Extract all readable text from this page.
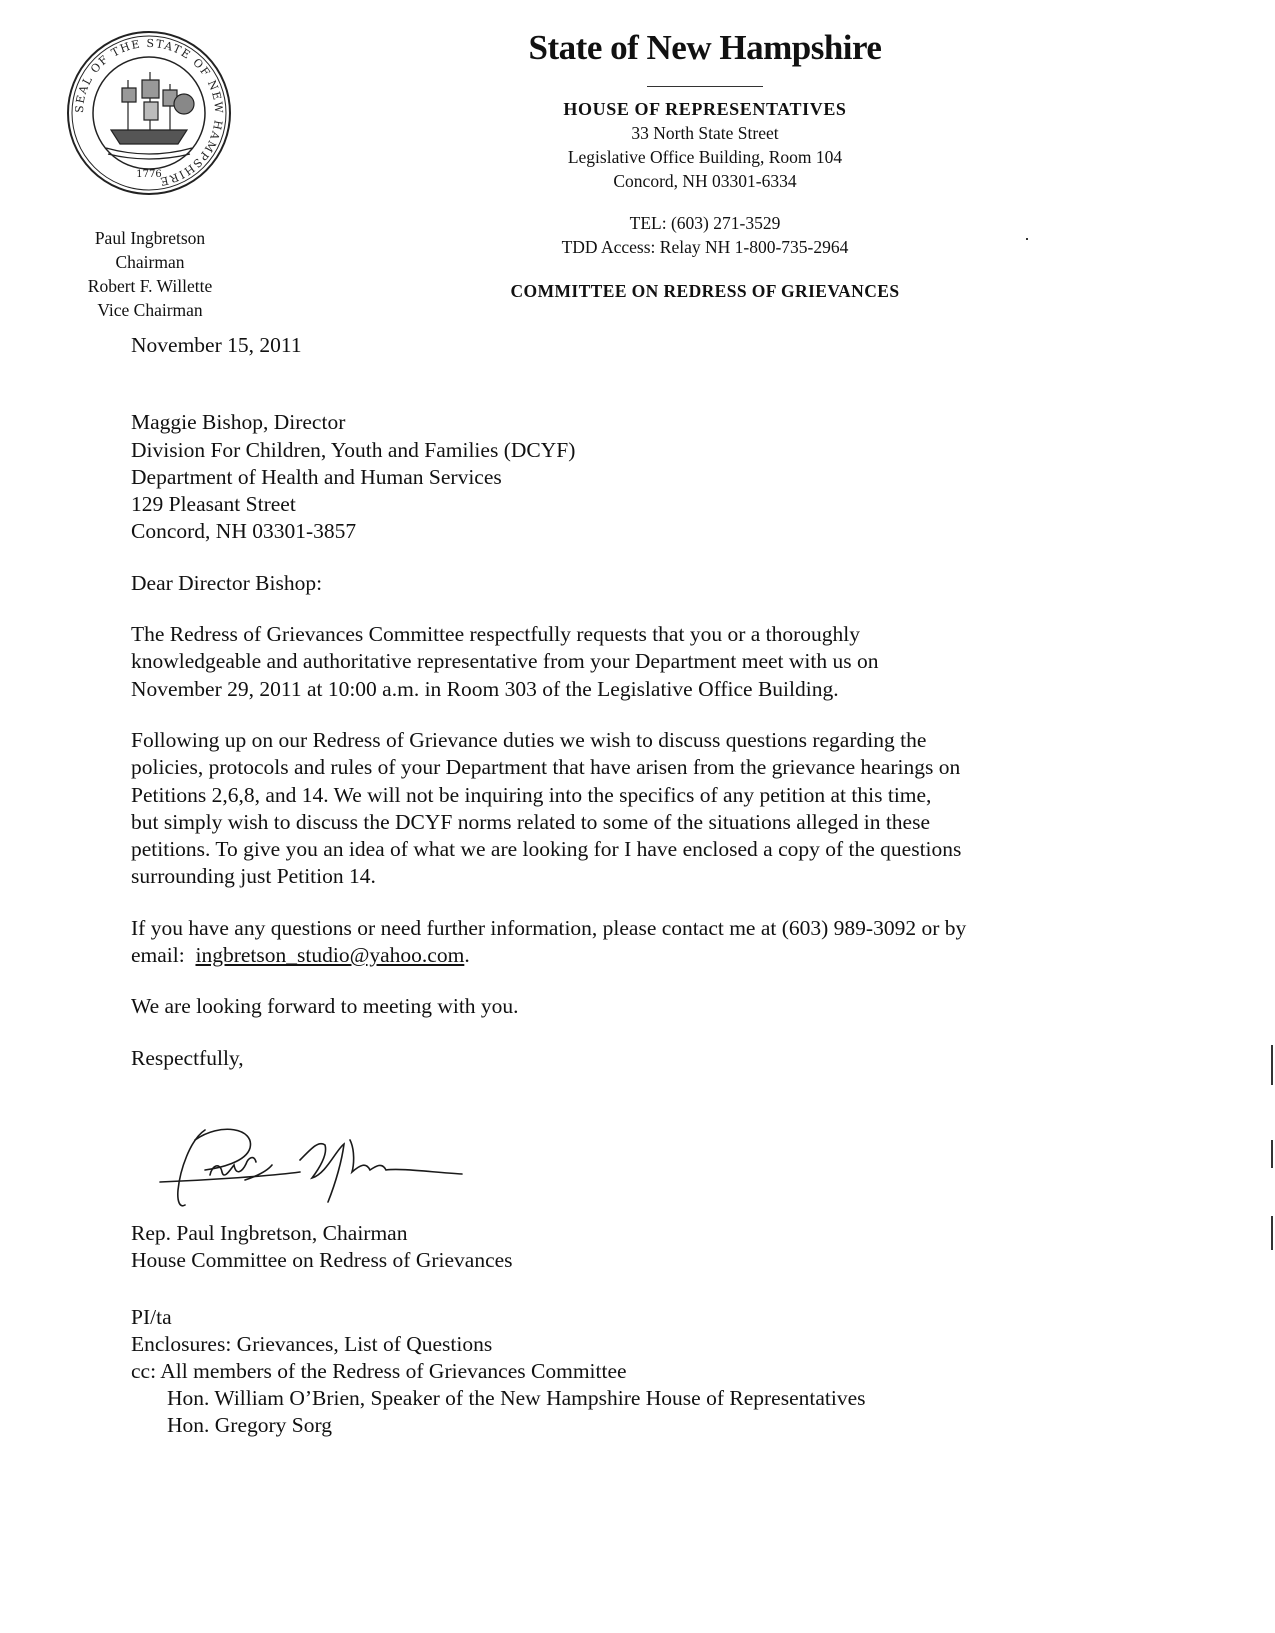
SEAL OF THE STATE OF NEW HAMPSHIRE
1776
Paul Ingbretson
Chairman
Robert F. Willette
Vice Chairman
State of New Hampshire
HOUSE OF REPRESENTATIVES
33 North State Street
Legislative Office Building, Room 104
Concord, NH 03301-6334
TEL: (603) 271-3529
TDD Access: Relay NH 1-800-735-2964
COMMITTEE ON REDRESS OF GRIEVANCES

November 15, 2011

Maggie Bishop, Director
Division For Children, Youth and Families (DCYF)
Department of Health and Human Services
129 Pleasant Street
Concord, NH 03301-3857

Dear Director Bishop:

The Redress of Grievances Committee respectfully requests that you or a thoroughly
knowledgeable and authoritative representative from your Department meet with us on
November 29, 2011 at 10:00 a.m. in Room 303 of the Legislative Office Building.

Following up on our Redress of Grievance duties we wish to discuss questions regarding the
policies, protocols and rules of your Department that have arisen from the grievance hearings on
Petitions 2,6,8, and 14. We will not be inquiring into the specifics of any petition at this time,
but simply wish to discuss the DCYF norms related to some of the situations alleged in these
petitions. To give you an idea of what we are looking for I have enclosed a copy of the questions
surrounding just Petition 14.

If you have any questions or need further information, please contact me at (603) 989-3092 or by
email:  ingbretson_studio@yahoo.com.

We are looking forward to meeting with you.

Respectfully,

Rep. Paul Ingbretson, Chairman
House Committee on Redress of Grievances
PI/ta
Enclosures: Grievances, List of Questions
cc: All members of the Redress of Grievances Committee
Hon. William O’Brien, Speaker of the New Hampshire House of Representatives
Hon. Gregory Sorg
